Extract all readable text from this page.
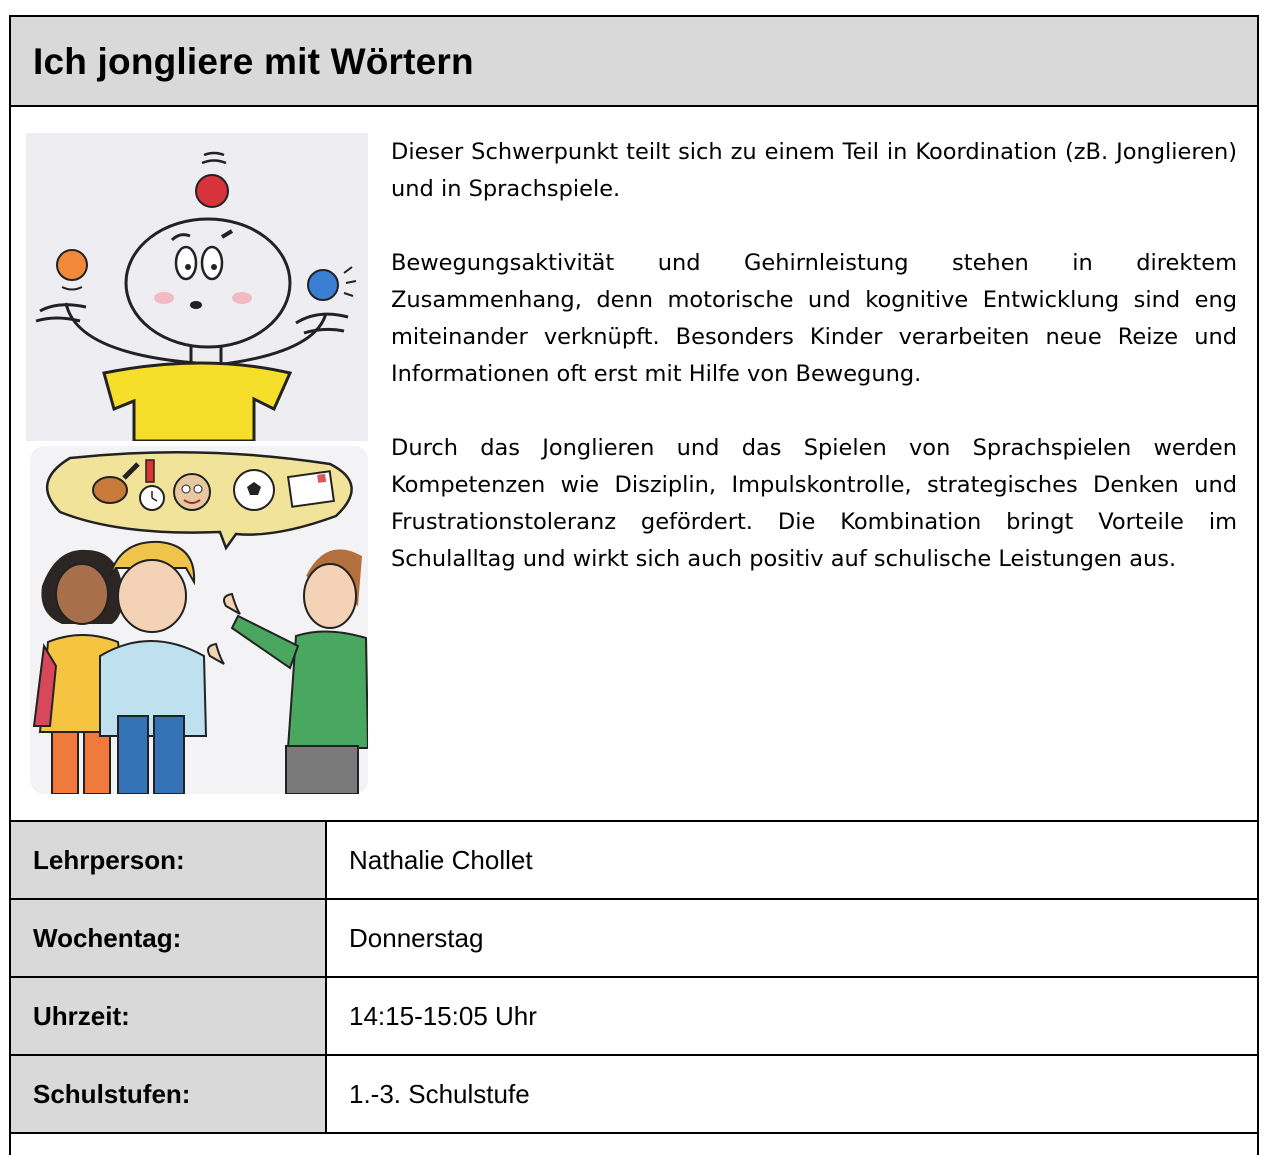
Ich jongliere mit Wörtern

Dieser Schwerpunkt teilt sich zu einem Teil in Koordination (zB. Jonglieren) und in Sprachspiele.

Bewegungsaktivität und Gehirnleistung stehen in direktem Zusammenhang, denn motorische und kognitive Entwicklung sind eng miteinander verknüpft. Besonders Kinder verarbeiten neue Reize und Informationen oft erst mit Hilfe von Bewegung.

Durch das Jonglieren und das Spielen von Sprachspielen werden Kompetenzen wie Disziplin, Impulskontrolle, strategisches Denken und Frustrationstoleranz gefördert. Die Kombination bringt Vorteile im Schulalltag und wirkt sich auch positiv auf schulische Leistungen aus.

Lehrperson:	Nathalie Chollet
Wochentag:	Donnerstag
Uhrzeit:	14:15-15:05 Uhr
Schulstufen:	1.-3. Schulstufe
